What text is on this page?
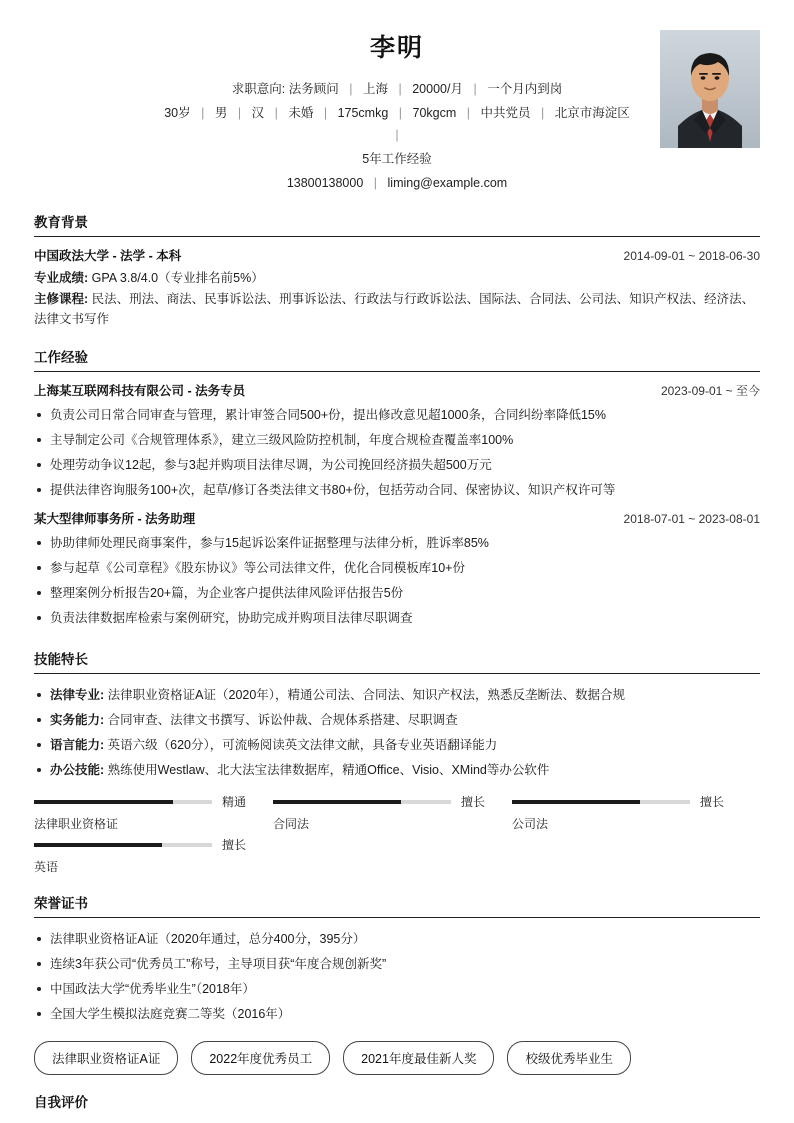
李明
求职意向: 法务顾问 | 上海 | 20000/月 | 一个月内到岗
30岁 | 男 | 汉 | 未婚 | 175cmkg | 70kgcm | 中共党员 | 北京市海淀区 |
5年工作经验
13800138000 | liming@example.com
教育背景
中国政法大学 - 法学 - 本科	2014-09-01 ~ 2018-06-30
专业成绩: GPA 3.8/4.0（专业排名前5%）
主修课程: 民法、刑法、商法、民事诉讼法、刑事诉讼法、行政法与行政诉讼法、国际法、合同法、公司法、知识产权法、经济法、法律文书写作
工作经验
上海某互联网科技有限公司 - 法务专员	2023-09-01 ~ 至今
负责公司日常合同审查与管理，累计审签合同500+份，提出修改意见超1000条，合同纠纷率降低15%
主导制定公司《合规管理体系》，建立三级风险防控机制，年度合规检查覆盖率100%
处理劳动争议12起，参与3起并购项目法律尽调，为公司挽回经济损失超500万元
提供法律咨询服务100+次，起草/修订各类法律文书80+份，包括劳动合同、保密协议、知识产权许可等
某大型律师事务所 - 法务助理	2018-07-01 ~ 2023-08-01
协助律师处理民商事案件，参与15起诉讼案件证据整理与法律分析，胜诉率85%
参与起草《公司章程》《股东协议》等公司法律文件，优化合同模板库10+份
整理案例分析报告20+篇，为企业客户提供法律风险评估报告5份
负责法律数据库检索与案例研究，协助完成并购项目法律尽职调查
技能特长
法律专业: 法律职业资格证A证（2020年），精通公司法、合同法、知识产权法，熟悉反垄断法、数据合规
实务能力: 合同审查、法律文书撰写、诉讼仲裁、合规体系搭建、尽职调查
语言能力: 英语六级（620分），可流畅阅读英文法律文献，具备专业英语翻译能力
办公技能: 熟练使用Westlaw、北大法宝法律数据库，精通Office、Visio、XMind等办公软件
精通
法律职业资格证
擅长
合同法
擅长
公司法
擅长
英语
荣誉证书
法律职业资格证A证（2020年通过，总分400分，395分）
连续3年获公司“优秀员工”称号，主导项目获“年度合规创新奖”
中国政法大学“优秀毕业生”（2018年）
全国大学生模拟法庭竞赛二等奖（2016年）
法律职业资格证A证	2022年度优秀员工	2021年度最佳新人奖	校级优秀毕业生
自我评价
